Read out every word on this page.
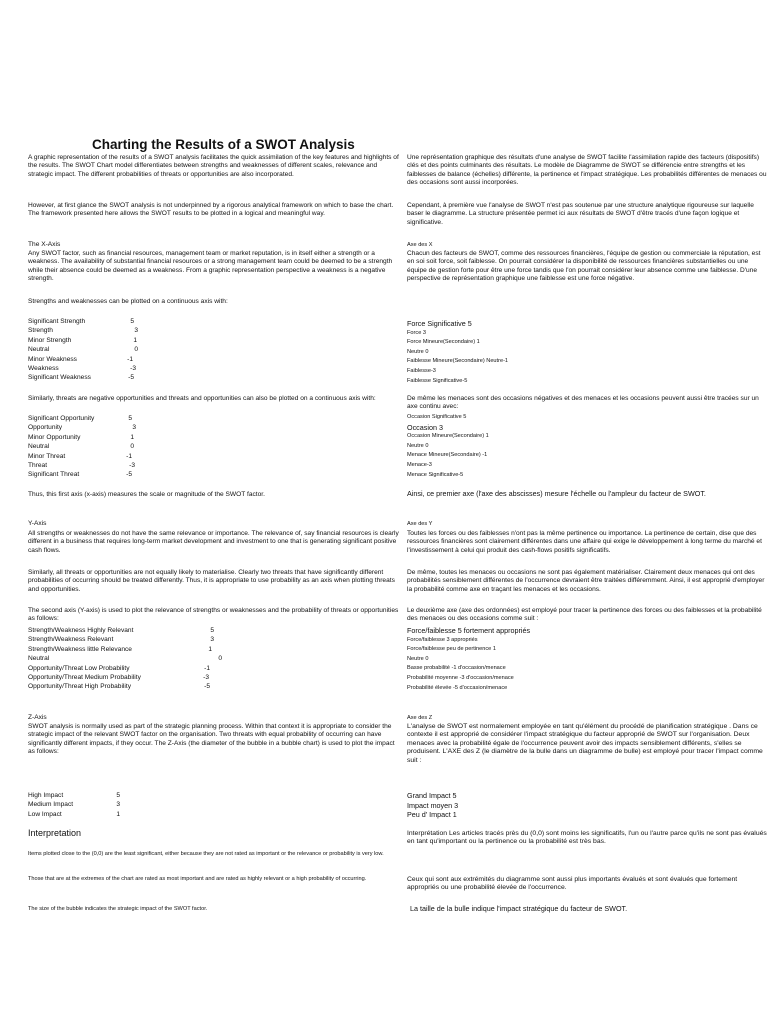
Une représentation graphique des résultats d'une analyse de SWOT facilite l'assimilation rapide des facteurs (dispositifs) clés et des points culminants des résultats. Le modèle de Diagramme de SWOT se différencie entre strengths et les faiblesses de balance (échelles) différente, la pertinence et l'impact stratégique. Les probabilités différentes de menaces ou des occasions sont aussi incorporées.

Charting the Results of a SWOT Analysis

A graphic representation of the results of a SWOT analysis facilitates the quick assimilation of the key features and highlights of the results. The SWOT Chart model differentiates between strengths and weaknesses of different scales, relevance and strategic impact. The different probabilities of threats or opportunities are also incorporated.

However, at first glance the SWOT analysis is not underpinned by a rigorous analytical framework on which to base the chart. The framework presented here allows the SWOT results to be plotted in a logical and meaningful way.

Cependant, à première vue l'analyse de SWOT n'est pas soutenue par une structure analytique rigoureuse sur laquelle baser le diagramme. La structure présentée permet ici aux résultats de SWOT d'être tracés d'une façon logique et significative.

The X-Axis	Axe des X

Any SWOT factor, such as financial resources, management team or market reputation, is in itself either a strength or a weakness. The availability of substantial financial resources or a strong management team could be deemed to be a strength while their absence could be deemed as a weakness. From a graphic representation perspective a weakness is a negative strength.

Chacun des facteurs de SWOT, comme des ressources financières, l'équipe de gestion ou commerciale la réputation, est en soi soit force, soit faiblesse. On pourrait considérer la disponibilité de ressources financières substantielles ou une équipe de gestion forte pour être une force tandis que l'on pourrait considérer leur absence comme une faiblesse. D'une perspective de représentation graphique une faiblesse est une force négative.

Strengths and weaknesses can be plotted on a continuous axis with:

Significant Strength	5
Strength	3
Minor Strength	1
Neutral	0
Minor Weakness	-1
Weakness	-3
Significant Weakness	-5
Force Significative 5
Force 3
Force Mineure(Secondaire) 1
Neutre 0
Faiblesse Mineure(Secondaire) Neutre-1
Faiblesse-3
Faiblesse Significative-5

Similarly, threats are negative opportunities and threats and opportunities can also be plotted on a continuous axis with:	De même les menaces sont des occasions négatives et des menaces et les occasions peuvent aussi être tracées sur un axe continu avec:

Significant Opportunity	5
Opportunity	3
Minor Opportunity	1
Neutral	0
Minor Threat	-1
Threat	-3
Significant Threat	-5
Occasion Significative 5
Occasion 3
Occasion Mineure(Secondaire) 1
Neutre 0
Menace Mineure(Secondaire) -1
Menace-3
Menace Significative-5

Thus, this first axis (x-axis) measures the scale or magnitude of the SWOT factor.	Ainsi, ce premier axe (l'axe des abscisses) mesure l'échelle ou l'ampleur du facteur de SWOT.

Y-Axis	Axe des Y

All strengths or weaknesses do not have the same relevance or importance. The relevance of, say financial resources is clearly different in a business that requires long-term market development and investment to one that is generating significant positive cash flows.

Toutes les forces ou des faiblesses n'ont pas la même pertinence ou importance. La pertinence de certain, dise que des ressources financières sont clairement différentes dans une affaire qui exige le développement à long terme du marché et l'investissement à celui qui produit des cash-flows positifs significatifs.

Similarly, all threats or opportunities are not equally likely to materialise. Clearly two threats that have significantly different probabilities of occurring should be treated differently. Thus, it is appropriate to use probability as an axis when plotting threats and opportunities.

De même, toutes les menaces ou occasions ne sont pas également matérialiser. Clairement deux menaces qui ont des probabilités sensiblement différentes de l'occurrence devraient être traitées différemment. Ainsi, il est approprié d'employer la probabilité comme axe en traçant les menaces et les occasions.

The second axis (Y-axis) is used to plot the relevance of strengths or weaknesses and the probability of threats or opportunities as follows:

Le deuxième axe (axe des ordonnées) est employé pour tracer la pertinence des forces ou des faiblesses et la probabilité des menaces ou des occasions comme suit :

Strength/Weakness Highly Relevant	5
Strength/Weakness Relevant	3
Strength/Weakness little Relevance	1
Neutral	0
Opportunity/Threat Low Probability	-1
Opportunity/Threat Medium Probability	-3
Opportunity/Threat High Probability	-5
Force/faiblesse 5 fortement appropriés
Force/faiblesse 3 appropriés
Force/faiblesse peu de pertinence 1
Neutre 0
Basse probabilité -1 d'occasion/menace
Probabilité moyenne -3 d'occasion/menace
Probabilité élevée -5 d'occasion/menace
Z-Axis	Axe des Z

SWOT analysis is normally used as part of the strategic planning process. Within that context it is appropriate to consider the strategic impact of the relevant SWOT factor on the organisation. Two threats with equal probability of occurring can have significantly different impacts, if they occur. The Z-Axis (the diameter of the bubble in a bubble chart) is used to plot the impact as follows:

L'analyse de SWOT est normalement employée en tant qu'élément du procédé de planification stratégique . Dans ce contexte il est approprié de considérer l'impact stratégique du facteur approprié de SWOT sur l'organisation. Deux menaces avec la probabilité égale de l'occurrence peuvent avoir des impacts sensiblement différents, s'elles se produisent. L'AXE des Z (le diamètre de la bulle dans un diagramme de bulle) est employé pour tracer l'impact comme suit :

High Impact	5
Medium Impact	3
Low Impact	1
Grand Impact 5
Impact moyen 3
Peu d' Impact 1
Interpretation	Interprétation Les articles tracés près du (0,0) sont moins les significatifs, l'un ou l'autre parce qu'ils ne sont pas évalués en tant qu'important ou la pertinence ou la probabilité est très bas.

Items plotted close to the (0,0) are the least significant, either because they are not rated as important or the relevance or probability is very low.

Those that are at the extremes of the chart are rated as most important and are rated as highly relevant or a high probability of occurring.	Ceux qui sont aux extrémités du diagramme sont aussi plus importants évalués et sont évalués que fortement appropriés ou une probabilité élevée de l'occurrence.

The size of the bubble indicates the strategic impact of the SWOT factor.	La taille de la bulle indique l'impact stratégique du facteur de SWOT.
